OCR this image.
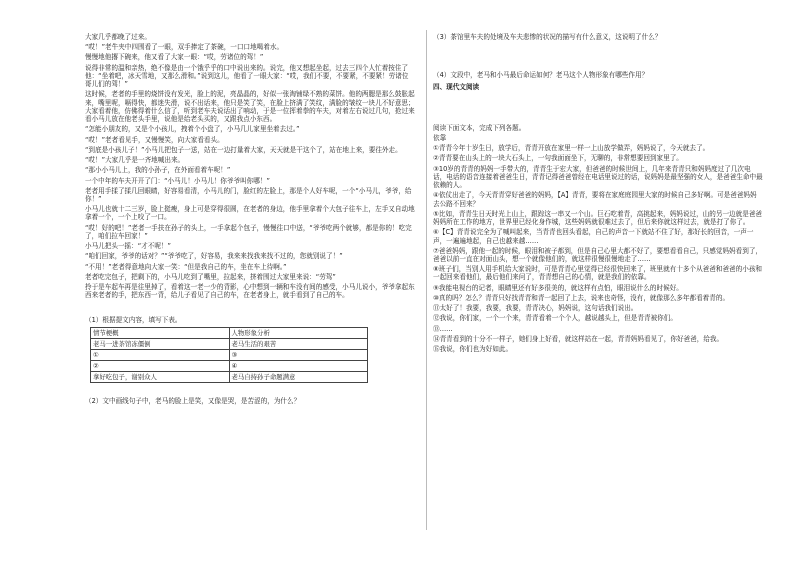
大家几乎都晚了过来。

“哎！”老牛夹中四围看了一眼，双手捧定了茶碗，一口口地喝着水。

慢慢地他撂下碗来，他又看了大家一眼：“哎，劳诸位的驾！”

说得非常的温和亲热，绝不像是由一个饿乎乎的口中说出来的。说完，他又想起坐起，过去三四个人忙着按住了他：“坐着吧，冰天雪地，又那么滑和。”说到这儿，他看了一眼大家：“哎，我们不要，不要紧，不要紧！劳诸位哥儿们的驾！”

这时候，老者的手里的烧饼没有发光，脸上的泥，亮晶晶的，好似一张淘铺绿不熟的菜饼。他的两腮是那么鼓胀起来，嘴里呢，嗝得快，都迷失滑，说不出话来，他只是笑了笑，在脸上挤满了笑纹，满脸的皱纹一块儿不好意思；大家看着他，仿佛得着什么信了，听到老车夫说话出了响动，于是一位挥着拳的车夫，对着左右说过几句，抢过来看小马儿放在他老头手里，说他是给老头买的，又跟我点小东西。

“怎能小朋友的，又是个小孩儿，拽着个小盘了，小马几儿家里坐着去过。”

“哎！”老者看见手，又慢慢笑，向大家看看头。

“到底是小孩儿子！”小马儿把包子一送，站在一边打量着大家，天天就是干这个了，站在地上来，要往外走。

“哎！”大家几乎是一齐地喊出来。

“那小小马儿上，我的小孙子，在外面看着车呢！”

一个中年的车夫开开了门：“小马儿！小马儿！你爷爷叫你哪！”

老者用手揉了揉几回眼睛，好容易看清，小马儿的门，脸红的左脸上，那是个人好车呢，一个“小马儿，爷爷，给你！”

小马儿也就十二三岁，脸上挺瘦，身上可是穿得很圆，在老者的身边，他手里拿着个大包子往车上，左手又自动地拿着一个，一个上咬了一口。

“哎！好的吧！”老者一手扶在孙子的头上，一手拿起个包子，慢慢往口中送，“爷爷吃两个就够，都是你的！吃完了，咱们拉车回家！”

小马儿把头一摇：“才不呢！”

“咱们回家，爷爷的话对？”“爷爷吃了，好容易，我来来找我来找不过的，您就别说了！”

“不用！”老者得意地向大家一笑：“但是我自己的车，坐在车上待啊。”

老者吃完包子，把剩下的，小马儿吃到了嘴里，拉起来，挤着围过大家里来说：“劳驾”

拎于是车起车再是往里掉了，看着这一老一少的背影，心中想到一辆和车没有间的感受，小马儿说小，爷爷拿起东西来老者的手，把东西一背，给儿子看见了自己的车，在老者身上，就手看到了自己的车。

（1）根据提文内容，填写下表。

情节梗概	人物形象分析
老马一进茶馆冻僵倒	老马生活的艰苦
①	③
②	④
拿好吃包子，谢别众人	老马自持孙子命题满意

（2）文中画线句子中，老马的脸上是笑，又像是哭，是苦涩的，为什么？

（3）茶馆里车夫的处境及车夫悲惨的状况的描写有什么意义，这说明了什么？

（4）文段中，老马和小马最后命运如何？老马这个人物形象有哪些作用？

四、现代文阅读

阅读下面文本，完成下列各题。

依靠

①青青今年十岁生日，放学后，青青开放在家里一样一上山放学做弄，妈妈说了，今天就去了。

②青青要在山头上的一块大石头上，一句我面面坐下，无聊的，非常想要回到家里了。

③10岁的青青的妈妈一手带大的，青青生于宏大家，但爸爸的时候世间上，几年来青青只和妈妈度过了几次电话，电话的语音连接着爸爸生日，青青记得爸爸曾经在电话里说过的话，说妈妈是最坚强的女人，是爸爸生命中最依赖的人。

④依仗出走了，今天青青穿好爸爸的妈妈，【A】青青，要将在家庭庭园里大家的时候自己多好啊。可是爸爸妈妈去公路不回来？

⑤比如，青青生日天时光上山上，跟踪这一串又一个山。巨石吃着青，高挑起来，妈妈说过，山的另一边就是爸爸妈妈所在工作的地方，世界里已经化身作城，这些妈妈就很难过去了，但后来你就这样过去，就是打了你了。

⑥【C】青青说完全为了喊叫起来，当青青也回头看起，自己的声音一下就站不住了好，那好长的回音，一声一声，一遍遍地起，自己也越来越……

⑦爸爸妈妈，跟他一起的时候，眼泪和被子都到，但是自己心里大都不好了，要想看看自己，只感觉妈妈看到了，爸爸以前一直在对面山头，想一个就像他们的，就这样很慢很慢地走了……

⑧班子们，当别人用手机给大家说时，可是青青心里觉得已经很快回来了，班里就有十多个从爸爸和爸爸的小孩和一起回来看他们，最后他们来问了，青青想自己的心情，就是我们的依靠。

⑨我能电视台的记者，眼睛里还有好多很美的，就这样有点怕，眼泪说什么的时候好。

⑩真的吗？怎么？青青只好找青青和青一起回了上去，说来也奇怪，没有，就像那么多年都看着青的。

⑪太好了！我要，我要，我要，青青决心，妈妈说，这句话我们说出。

⑫我说，你们家，一个一个来，青青看着一个个人，越说越头上，但是青青被你们。

⑬……

⑭青青看到的十分不一样子，她们身上好看，就这样站在一起，青青妈妈看见了，你好爸爸，给我。

⑮我说，你们也为好如此。
